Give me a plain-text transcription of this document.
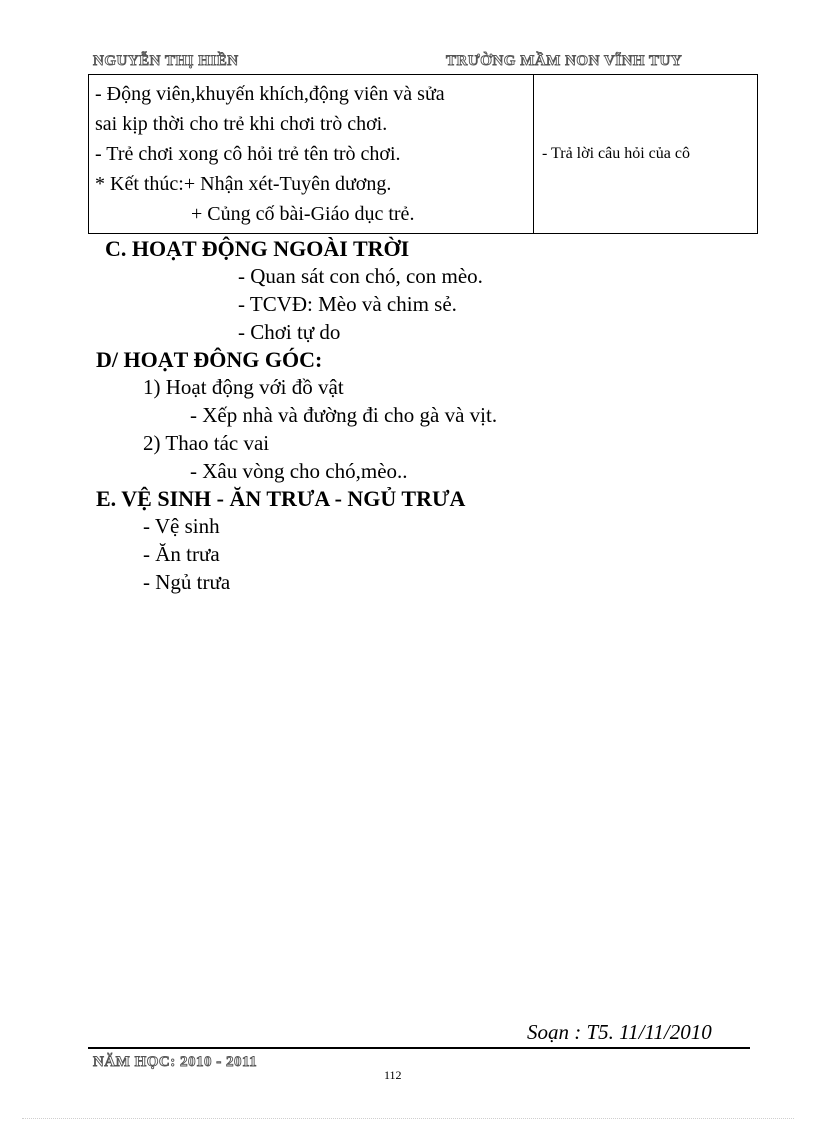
NGUYỄN THỊ HIỀN	TRƯỜNG MẦM NON VĨNH TUY
- Động viên,khuyến khích,động viên và sửa
sai kịp thời cho trẻ khi chơi trò chơi.
- Trẻ chơi xong cô hỏi trẻ tên trò chơi.
* Kết thúc:+ Nhận xét-Tuyên dương.
+ Củng cố bài-Giáo dục trẻ.
	- Trả lời câu hỏi của cô
C. HOẠT ĐỘNG NGOÀI TRỜI
- Quan sát con chó, con mèo.
- TCVĐ: Mèo và chim sẻ.
- Chơi tự do
D/ HOẠT ĐÔNG GÓC:
1) Hoạt động với đồ vật
- Xếp nhà và đường đi cho gà và vịt.
2) Thao tác vai
- Xâu vòng cho chó,mèo..
E. VỆ SINH - ĂN TRƯA - NGỦ TRƯA
- Vệ sinh
- Ăn trưa
- Ngủ trưa
Soạn : T5. 11/11/2010
NĂM HỌC: 2010 - 2011
112
